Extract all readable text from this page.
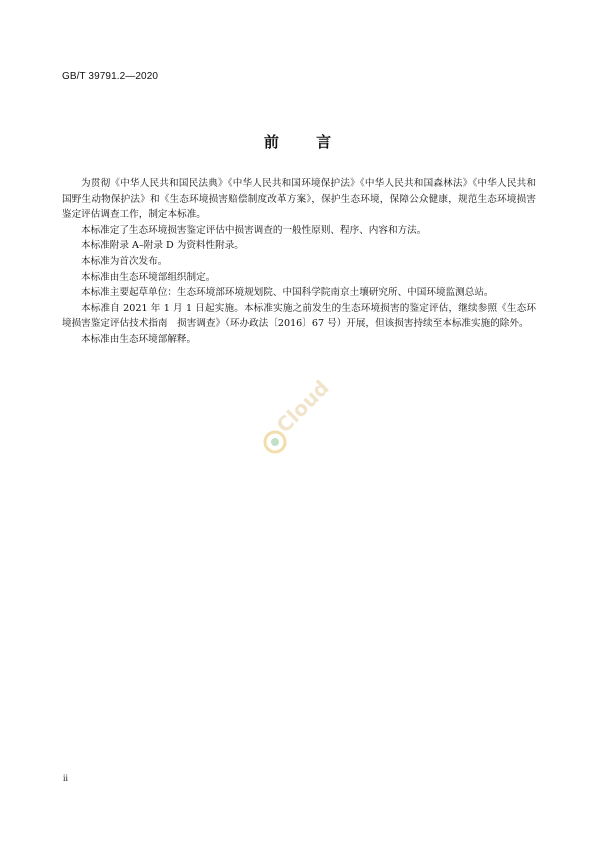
GB/T 39791.2—2020
前 言

为贯彻《中华人民共和国民法典》《中华人民共和国环境保护法》《中华人民共和国森林法》《中华人民共和国野生动物保护法》和《生态环境损害赔偿制度改革方案》，保护生态环境，保障公众健康，规范生态环境损害鉴定评估调查工作，制定本标准。

本标准定了生态环境损害鉴定评估中损害调查的一般性原则、程序、内容和方法。

本标准附录 A–附录 D 为资料性附录。

本标准为首次发布。

本标准由生态环境部组织制定。

本标准主要起草单位：生态环境部环境规划院、中国科学院南京土壤研究所、中国环境监测总站。

本标准自 2021 年 1 月 1 日起实施。本标准实施之前发生的生态环境损害的鉴定评估，继续参照《生态环境损害鉴定评估技术指南　损害调查》（环办政法〔2016〕67 号）开展，但该损害持续至本标准实施的除外。

本标准由生态环境部解释。

Cloud
ii
